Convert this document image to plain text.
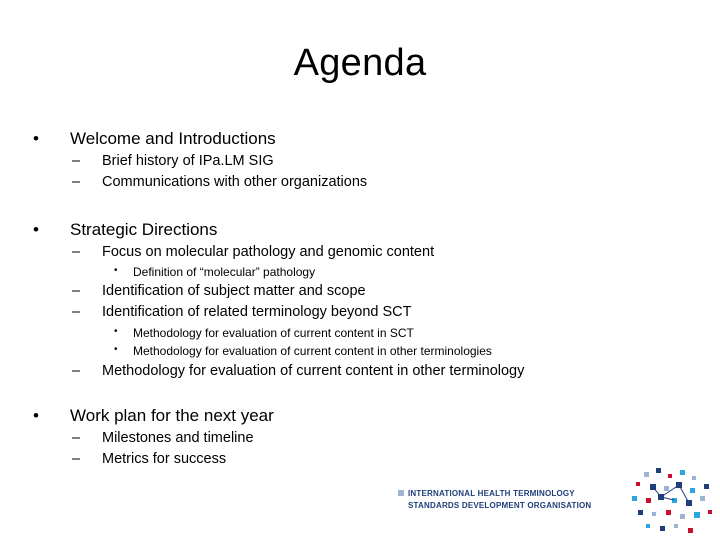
Agenda
• Welcome and Introductions
– Brief history of IPa.LM SIG
– Communications with other organizations
• Strategic Directions
– Focus on molecular pathology and genomic content
• Definition of “molecular” pathology
– Identification of subject matter and scope
– Identification of related terminology beyond SCT
• Methodology for evaluation of current content in SCT
• Methodology for evaluation of current content in other terminologies
– Methodology for evaluation of current content in other terminology
• Work plan for the next year
– Milestones and timeline
– Metrics for success
INTERNATIONAL HEALTH TERMINOLOGY
STANDARDS DEVELOPMENT ORGANISATION
